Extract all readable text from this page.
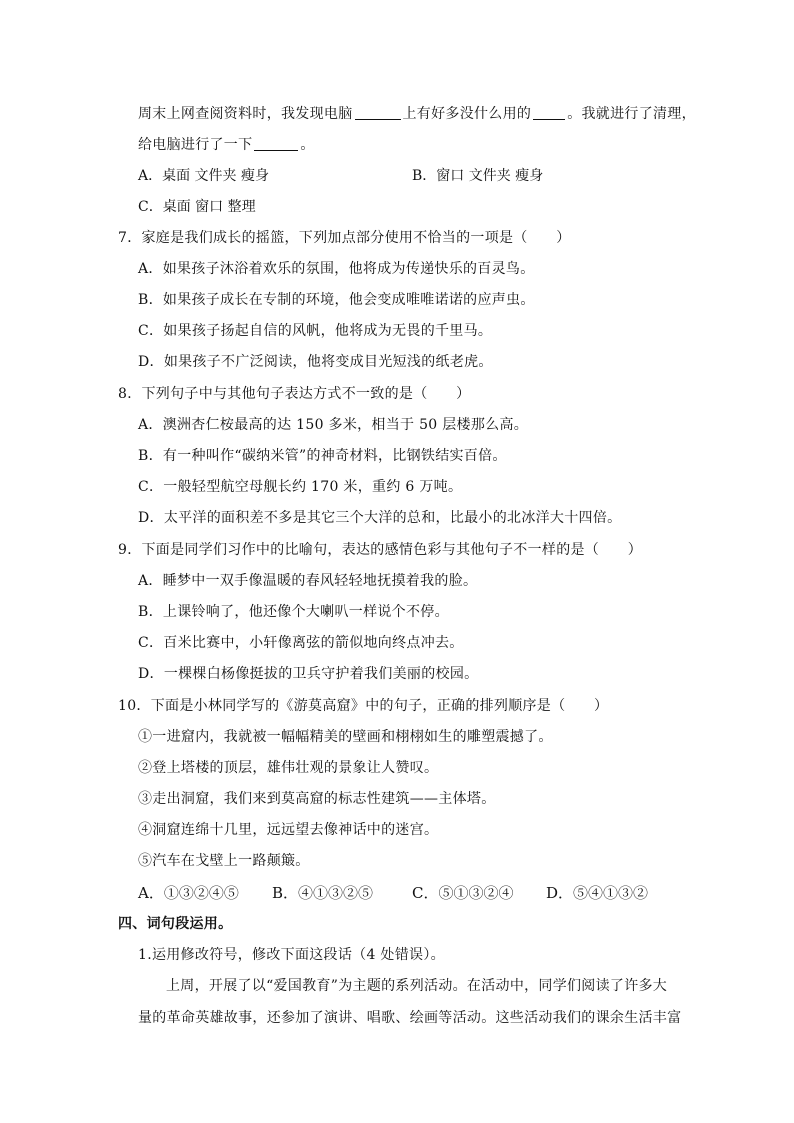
周末上网查阅资料时，我发现电脑	上有好多没什么用的	。我就进行了清理，
给电脑进行了一下	。
A．桌面 文件夹 瘦身	B．窗口 文件夹 瘦身
C．桌面 窗口 整理
7．家庭是我们成长的摇篮，下列加点部分使用不恰当的一项是（　　）
A．如果孩子沐浴着欢乐的氛围，他将成为传递快乐的百灵鸟。
B．如果孩子成长在专制的环境，他会变成唯唯诺诺的应声虫。
C．如果孩子扬起自信的风帆，他将成为无畏的千里马。
D．如果孩子不广泛阅读，他将变成目光短浅的纸老虎。
8．下列句子中与其他句子表达方式不一致的是（　　）
A．澳洲杏仁桉最高的达 150 多米，相当于 50 层楼那么高。
B．有一种叫作“碳纳米管”的神奇材料，比钢铁结实百倍。
C．一般轻型航空母舰长约 170 米，重约 6 万吨。
D．太平洋的面积差不多是其它三个大洋的总和，比最小的北冰洋大十四倍。
9．下面是同学们习作中的比喻句，表达的感情色彩与其他句子不一样的是（　　）
A．睡梦中一双手像温暖的春风轻轻地抚摸着我的脸。
B．上课铃响了，他还像个大喇叭一样说个不停。
C．百米比赛中，小轩像离弦的箭似地向终点冲去。
D．一棵棵白杨像挺拔的卫兵守护着我们美丽的校园。
10．下面是小林同学写的《游莫高窟》中的句子，正确的排列顺序是（　　）
①一进窟内，我就被一幅幅精美的壁画和栩栩如生的雕塑震撼了。
②登上塔楼的顶层，雄伟壮观的景象让人赞叹。
③走出洞窟，我们来到莫高窟的标志性建筑——主体塔。
④洞窟连绵十几里，远远望去像神话中的迷宫。
⑤汽车在戈壁上一路颠簸。
A．①③②④⑤ B．④①③②⑤	C．⑤①③②④ D．⑤④①③②
四、词句段运用。
1.运用修改符号，修改下面这段话（4 处错误）。
上周，开展了以“爱国教育”为主题的系列活动。在活动中，同学们阅读了许多大
量的革命英雄故事，还参加了演讲、唱歌、绘画等活动。这些活动我们的课余生活丰富
